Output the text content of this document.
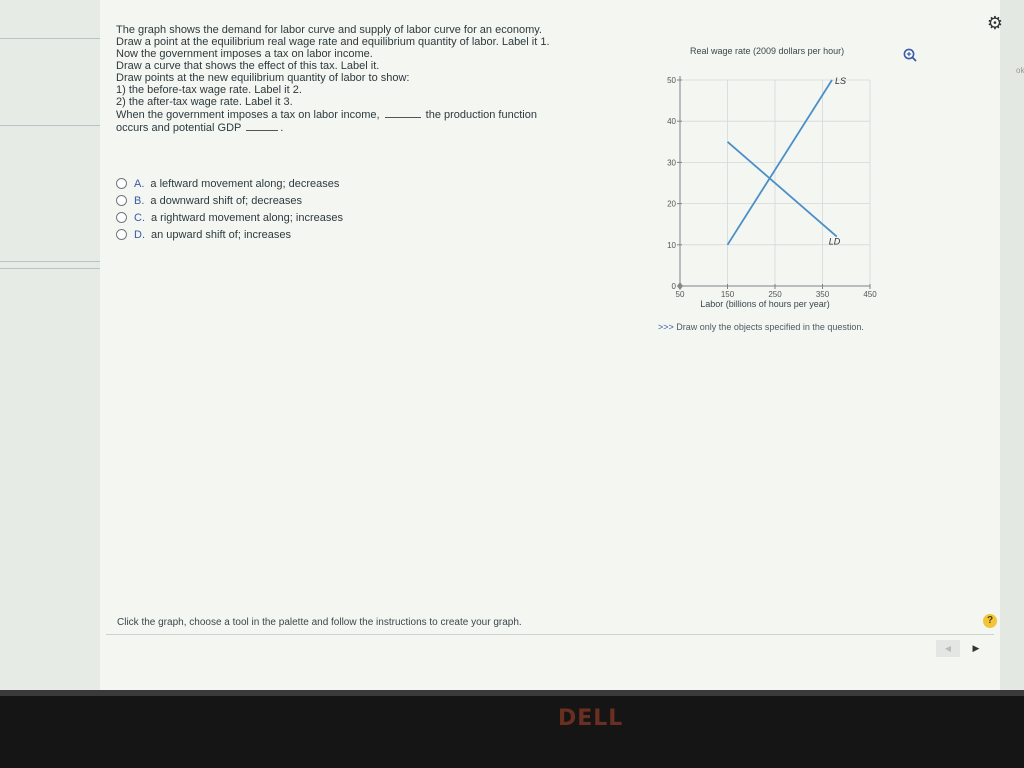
ok
⚙
The graph shows the demand for labor curve and supply of labor curve for an economy.
Draw a point at the equilibrium real wage rate and equilibrium quantity of labor. Label it 1.
Now the government imposes a tax on labor income.
Draw a curve that shows the effect of this tax. Label it.
Draw points at the new equilibrium quantity of labor to show:
1) the before-tax wage rate. Label it 2.
2) the after-tax wage rate. Label it 3.
When the government imposes a tax on labor income,	the production function
occurs and potential GDP	.
A. a leftward movement along; decreases
B. a downward shift of; decreases
C. a rightward movement along; increases
D. an upward shift of; increases
Real wage rate (2009 dollars per hour)
0
10
20
30
40
50
50	150	250	350	450
Labor (billions of hours per year)
LS
LD
>>> Draw only the objects specified in the question.
Click the graph, choose a tool in the palette and follow the instructions to create your graph.	?
◀	▶
DELL
